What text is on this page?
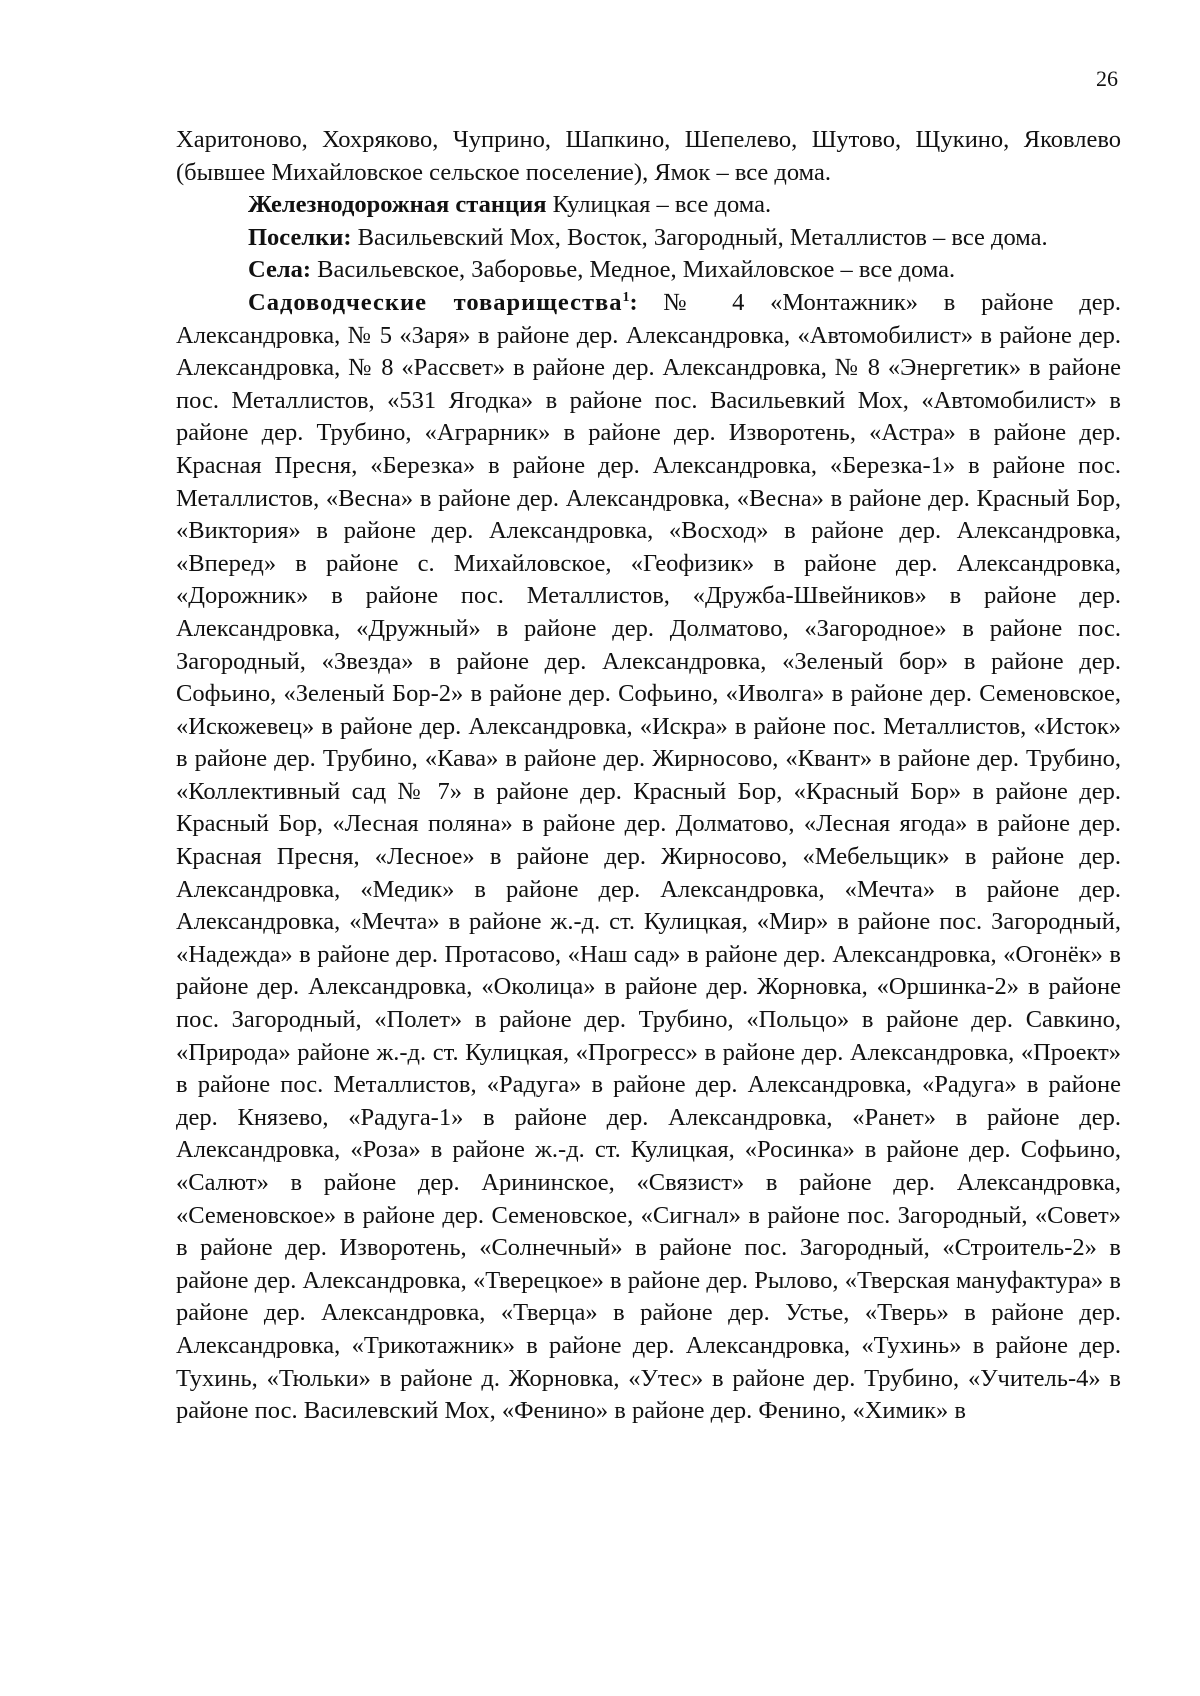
26

Харитоново, Хохряково, Чуприно, Шапкино, Шепелево, Шутово, Щукино, Яковлево (бывшее Михайловское сельское поселение), Ямок – все дома.

Железнодорожная станция Кулицкая – все дома.

Поселки: Васильевский Мох, Восток, Загородный, Металлистов – все дома.

Села: Васильевское, Заборовье, Медное, Михайловское – все дома.

Садоводческие товарищества$^1$: № 4 «Монтажник» в районе дер. Александровка, № 5 «Заря» в районе дер. Александровка, «Автомобилист» в районе дер. Александровка, № 8 «Рассвет» в районе дер. Александровка, № 8 «Энергетик» в районе пос. Металлистов, «531 Ягодка» в районе пос. Васильевкий Мох, «Автомобилист» в районе дер. Трубино, «Аграрник» в районе дер. Изворотень, «Астра» в районе дер. Красная Пресня, «Березка» в районе дер. Александровка, «Березка-1» в районе пос. Металлистов, «Весна» в районе дер. Александровка, «Весна» в районе дер. Красный Бор, «Виктория» в районе дер. Александровка, «Восход» в районе дер. Александровка, «Вперед» в районе с. Михайловское, «Геофизик» в районе дер. Александровка, «Дорожник» в районе пос. Металлистов, «Дружба-Швейников» в районе дер. Александровка, «Дружный» в районе дер. Долматово, «Загородное» в районе пос. Загородный, «Звезда» в районе дер. Александровка, «Зеленый бор» в районе дер. Софьино, «Зеленый Бор-2» в районе дер. Софьино, «Иволга» в районе дер. Семеновское, «Искожевец» в районе дер. Александровка, «Искра» в районе пос. Металлистов, «Исток» в районе дер. Трубино, «Кава» в районе дер. Жирносово, «Квант» в районе дер. Трубино, «Коллективный сад № 7» в районе дер. Красный Бор, «Красный Бор» в районе дер. Красный Бор, «Лесная поляна» в районе дер. Долматово, «Лесная ягода» в районе дер. Красная Пресня, «Лесное» в районе дер. Жирносово, «Мебельщик» в районе дер. Александровка, «Медик» в районе дер. Александровка, «Мечта» в районе дер. Александровка, «Мечта» в районе ж.-д. ст. Кулицкая, «Мир» в районе пос. Загородный, «Надежда» в районе дер. Протасово, «Наш сад» в районе дер. Александровка, «Огонёк» в районе дер. Александровка, «Околица» в районе дер. Жорновка, «Оршинка-2» в районе пос. Загородный, «Полет» в районе дер. Трубино, «Польцо» в районе дер. Савкино, «Природа» районе ж.-д. ст. Кулицкая, «Прогресс» в районе дер. Александровка, «Проект» в районе пос. Металлистов, «Радуга» в районе дер. Александровка, «Радуга» в районе дер. Князево, «Радуга-1» в районе дер. Александровка, «Ранет» в районе дер. Александровка, «Роза» в районе ж.-д. ст. Кулицкая, «Росинка» в районе дер. Софьино, «Салют» в районе дер. Арининское, «Связист» в районе дер. Александровка, «Семеновское» в районе дер. Семеновское, «Сигнал» в районе пос. Загородный, «Совет» в районе дер. Изворотень, «Солнечный» в районе пос. Загородный, «Строитель-2» в районе дер. Александровка, «Тверецкое» в районе дер. Рылово, «Тверская мануфактура» в районе дер. Александровка, «Тверца» в районе дер. Устье, «Тверь» в районе дер. Александровка, «Трикотажник» в районе дер. Александровка, «Тухинь» в районе дер. Тухинь, «Тюльки» в районе д. Жорновка, «Утес» в районе дер. Трубино, «Учитель-4» в районе пос. Василевский Мох, «Фенино» в районе дер. Фенино, «Химик» в
